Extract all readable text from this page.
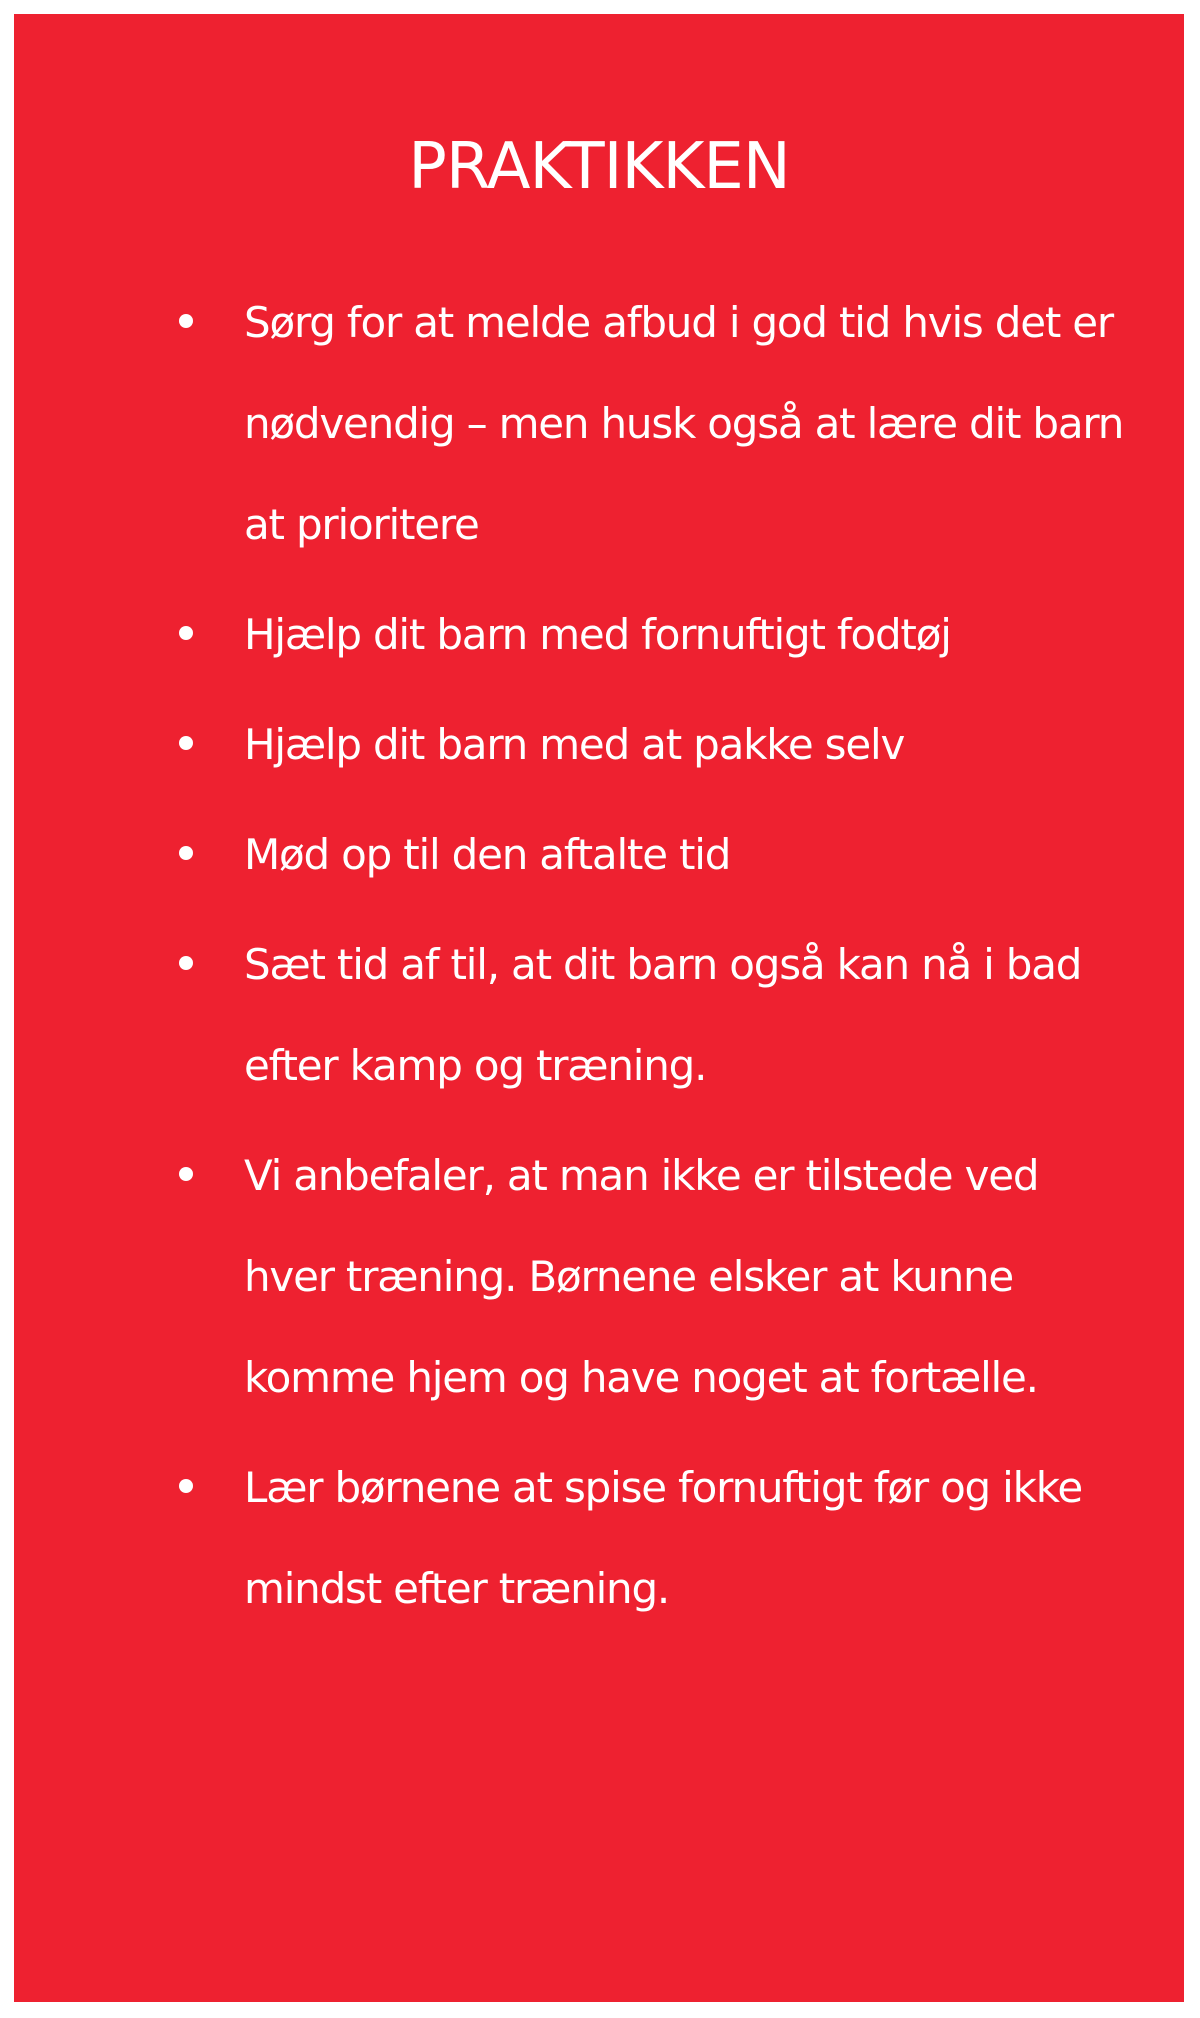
PRAKTIKKEN
Sørg for at melde afbud i god tid hvis det er nødvendig – men husk også at lære dit barn at prioritere
Hjælp dit barn med fornuftigt fodtøj
Hjælp dit barn med at pakke selv
Mød op til den aftalte tid
Sæt tid af til, at dit barn også kan nå i bad efter kamp og træning.
Vi anbefaler, at man ikke er tilstede ved hver træning. Børnene elsker at kunne komme hjem og have noget at fortælle.
Lær børnene at spise fornuftigt før og ikke mindst efter træning.
